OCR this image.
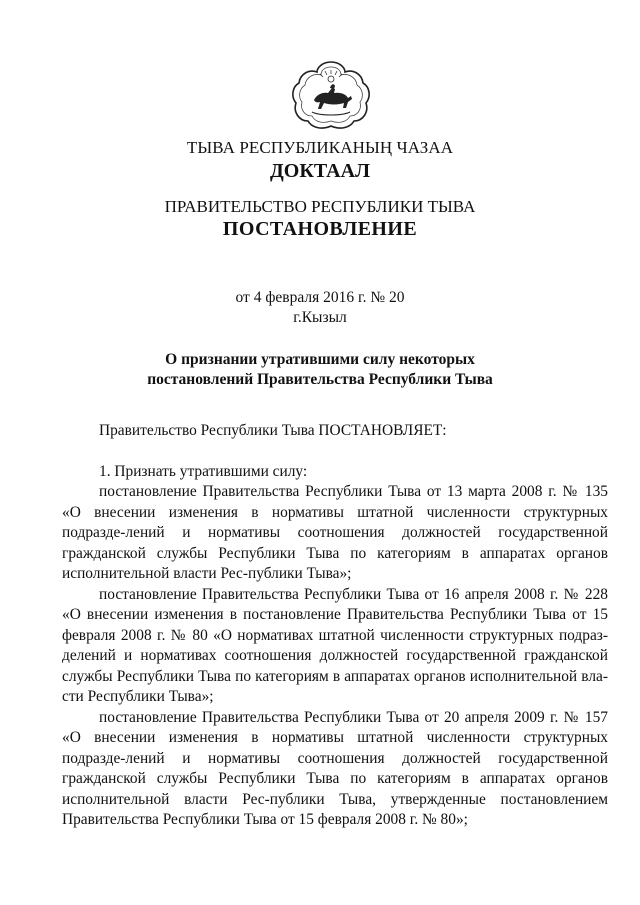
ТЫВА РЕСПУБЛИКАНЫҢ ЧАЗАА
ДОКТААЛ
ПРАВИТЕЛЬСТВО РЕСПУБЛИКИ ТЫВА
ПОСТАНОВЛЕНИЕ
от 4 февраля 2016 г. № 20
г.Кызыл
О признании утратившими силу некоторых
постановлений Правительства Республики Тыва

Правительство Республики Тыва ПОСТАНОВЛЯЕТ:

1. Признать утратившими силу:

постановление Правительства Республики Тыва от 13 марта 2008 г. № 135 «О внесении изменения в нормативы штатной численности структурных подразде-лений и нормативы соотношения должностей государственной гражданской службы Республики Тыва по категориям в аппаратах органов исполнительной власти Рес-публики Тыва»;

постановление Правительства Республики Тыва от 16 апреля 2008 г. № 228 «О внесении изменения в постановление Правительства Республики Тыва от 15 февраля 2008 г. № 80 «О нормативах штатной численности структурных подраз-делений и нормативах соотношения должностей государственной гражданской службы Республики Тыва по категориям в аппаратах органов исполнительной вла-сти Республики Тыва»;

постановление Правительства Республики Тыва от 20 апреля 2009 г. № 157 «О внесении изменения в нормативы штатной численности структурных подразде-лений и нормативы соотношения должностей государственной гражданской службы Республики Тыва по категориям в аппаратах органов исполнительной власти Рес-публики Тыва, утвержденные постановлением Правительства Республики Тыва от 15 февраля 2008 г. № 80»;
